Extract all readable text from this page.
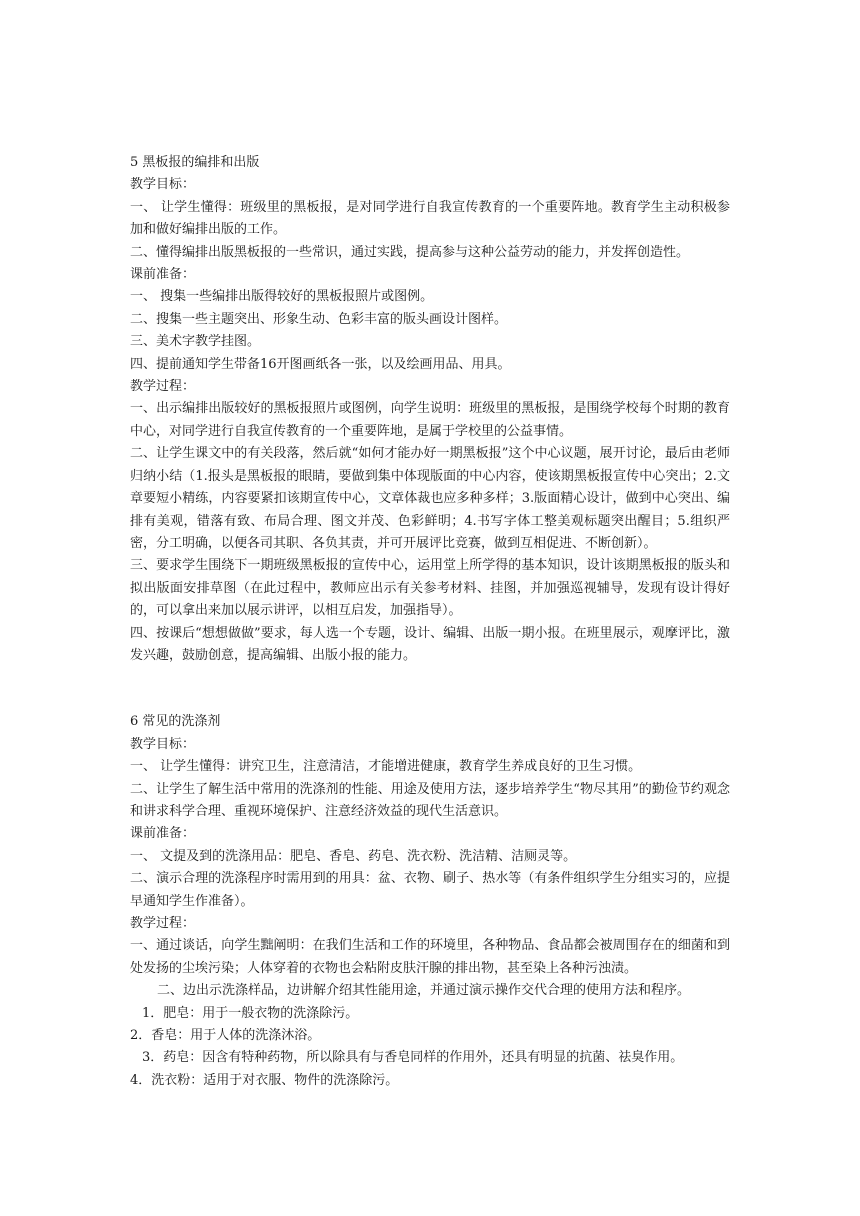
5 黑板报的编排和出版

教学目标：

一、 让学生懂得：班级里的黑板报，是对同学进行自我宣传教育的一个重要阵地。教育学生主动积极参加和做好编排出版的工作。

二、懂得编排出版黑板报的一些常识，通过实践，提高参与这种公益劳动的能力，并发挥创造性。

课前准备：

一、 搜集一些编排出版得较好的黑板报照片或图例。

二、搜集一些主题突出、形象生动、色彩丰富的版头画设计图样。

三、美术字教学挂图。

四、提前通知学生带备16开图画纸各一张，以及绘画用品、用具。

教学过程：

一、出示编排出版较好的黑板报照片或图例，向学生说明：班级里的黑板报，是围绕学校每个时期的教育中心，对同学进行自我宣传教育的一个重要阵地，是属于学校里的公益事情。

二、让学生课文中的有关段落，然后就“如何才能办好一期黑板报”这个中心议题，展开讨论，最后由老师归纳小结（1.报头是黑板报的眼睛，要做到集中体现版面的中心内容，使该期黑板报宣传中心突出；2.文章要短小精练，内容要紧扣该期宣传中心，文章体裁也应多种多样；3.版面精心设计，做到中心突出、编排有美观，错落有致、布局合理、图文并茂、色彩鲜明；4.书写字体工整美观标题突出醒目；5.组织严密，分工明确，以便各司其职、各负其责，并可开展评比竞赛，做到互相促进、不断创新）。

三、要求学生围绕下一期班级黑板报的宣传中心，运用堂上所学得的基本知识，设计该期黑板报的版头和拟出版面安排草图（在此过程中，教师应出示有关参考材料、挂图，并加强巡视辅导，发现有设计得好的，可以拿出来加以展示讲评，以相互启发，加强指导）。

四、按课后“想想做做”要求，每人选一个专题，设计、编辑、出版一期小报。在班里展示，观摩评比，激发兴趣，鼓励创意，提高编辑、出版小报的能力。

6 常见的洗涤剂

教学目标：

一、 让学生懂得：讲究卫生，注意清洁，才能增进健康，教育学生养成良好的卫生习惯。

二、让学生了解生活中常用的洗涤剂的性能、用途及使用方法，逐步培养学生“物尽其用”的勤俭节约观念和讲求科学合理、重视环境保护、注意经济效益的现代生活意识。

课前准备：

一、 文提及到的洗涤用品：肥皂、香皂、药皂、洗衣粉、洗洁精、洁厕灵等。

二、演示合理的洗涤程序时需用到的用具：盆、衣物、刷子、热水等（有条件组织学生分组实习的，应提早通知学生作准备）。

教学过程：

一、通过谈话，向学生黜阐明：在我们生活和工作的环境里，各种物品、食品都会被周围存在的细菌和到处发扬的尘埃污染；人体穿着的衣物也会粘附皮肤汗腺的排出物，甚至染上各种污浊渍。

二、边出示洗涤样品，边讲解介绍其性能用途，并通过演示操作交代合理的使用方法和程序。

1．肥皂：用于一般衣物的洗涤除污。

2．香皂：用于人体的洗涤沐浴。

3．药皂：因含有特种药物，所以除具有与香皂同样的作用外，还具有明显的抗菌、祛臭作用。

4．洗衣粉：适用于对衣服、物件的洗涤除污。
